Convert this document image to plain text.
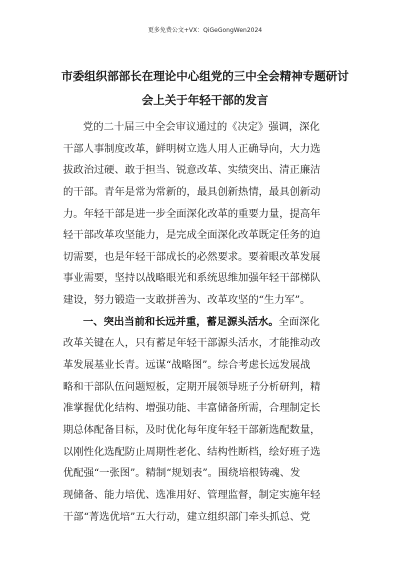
更多免费公文+VX：QiGeGongWen2024
市委组织部部长在理论中心组党的三中全会精神专题研讨
会上关于年轻干部的发言
党的二十届三中全会审议通过的《决定》强调，深化
干部人事制度改革，鲜明树立选人用人正确导向，大力选
拔政治过硬、敢于担当、锐意改革、实绩突出、清正廉洁
的干部。青年是常为常新的，最具创新热情，最具创新动
力。年轻干部是进一步全面深化改革的重要力量，提高年
轻干部改革攻坚能力，是完成全面深化改革既定任务的迫
切需要，也是年轻干部成长的必然要求。要着眼改革发展
事业需要，坚持以战略眼光和系统思维加强年轻干部梯队
建设，努力锻造一支敢拼善为、改革攻坚的“生力军”。
一、突出当前和长远并重，蓄足源头活水。全面深化
改革关键在人，只有蓄足年轻干部源头活水，才能推动改
革发展基业长青。远谋“战略图”。综合考虑长远发展战
略和干部队伍问题短板，定期开展领导班子分析研判，精
准掌握优化结构、增强功能、丰富储备所需，合理制定长
期总体配备目标，及时优化每年度年轻干部新选配数量，
以刚性化选配防止周期性老化、结构性断档，绘好班子选
优配强“一张图”。精制“规划表”。围绕培根铸魂、发
现储备、能力培优、选准用好、管理监督，制定实施年轻
干部“菁选优培”五大行动，建立组织部门牵头抓总、党
